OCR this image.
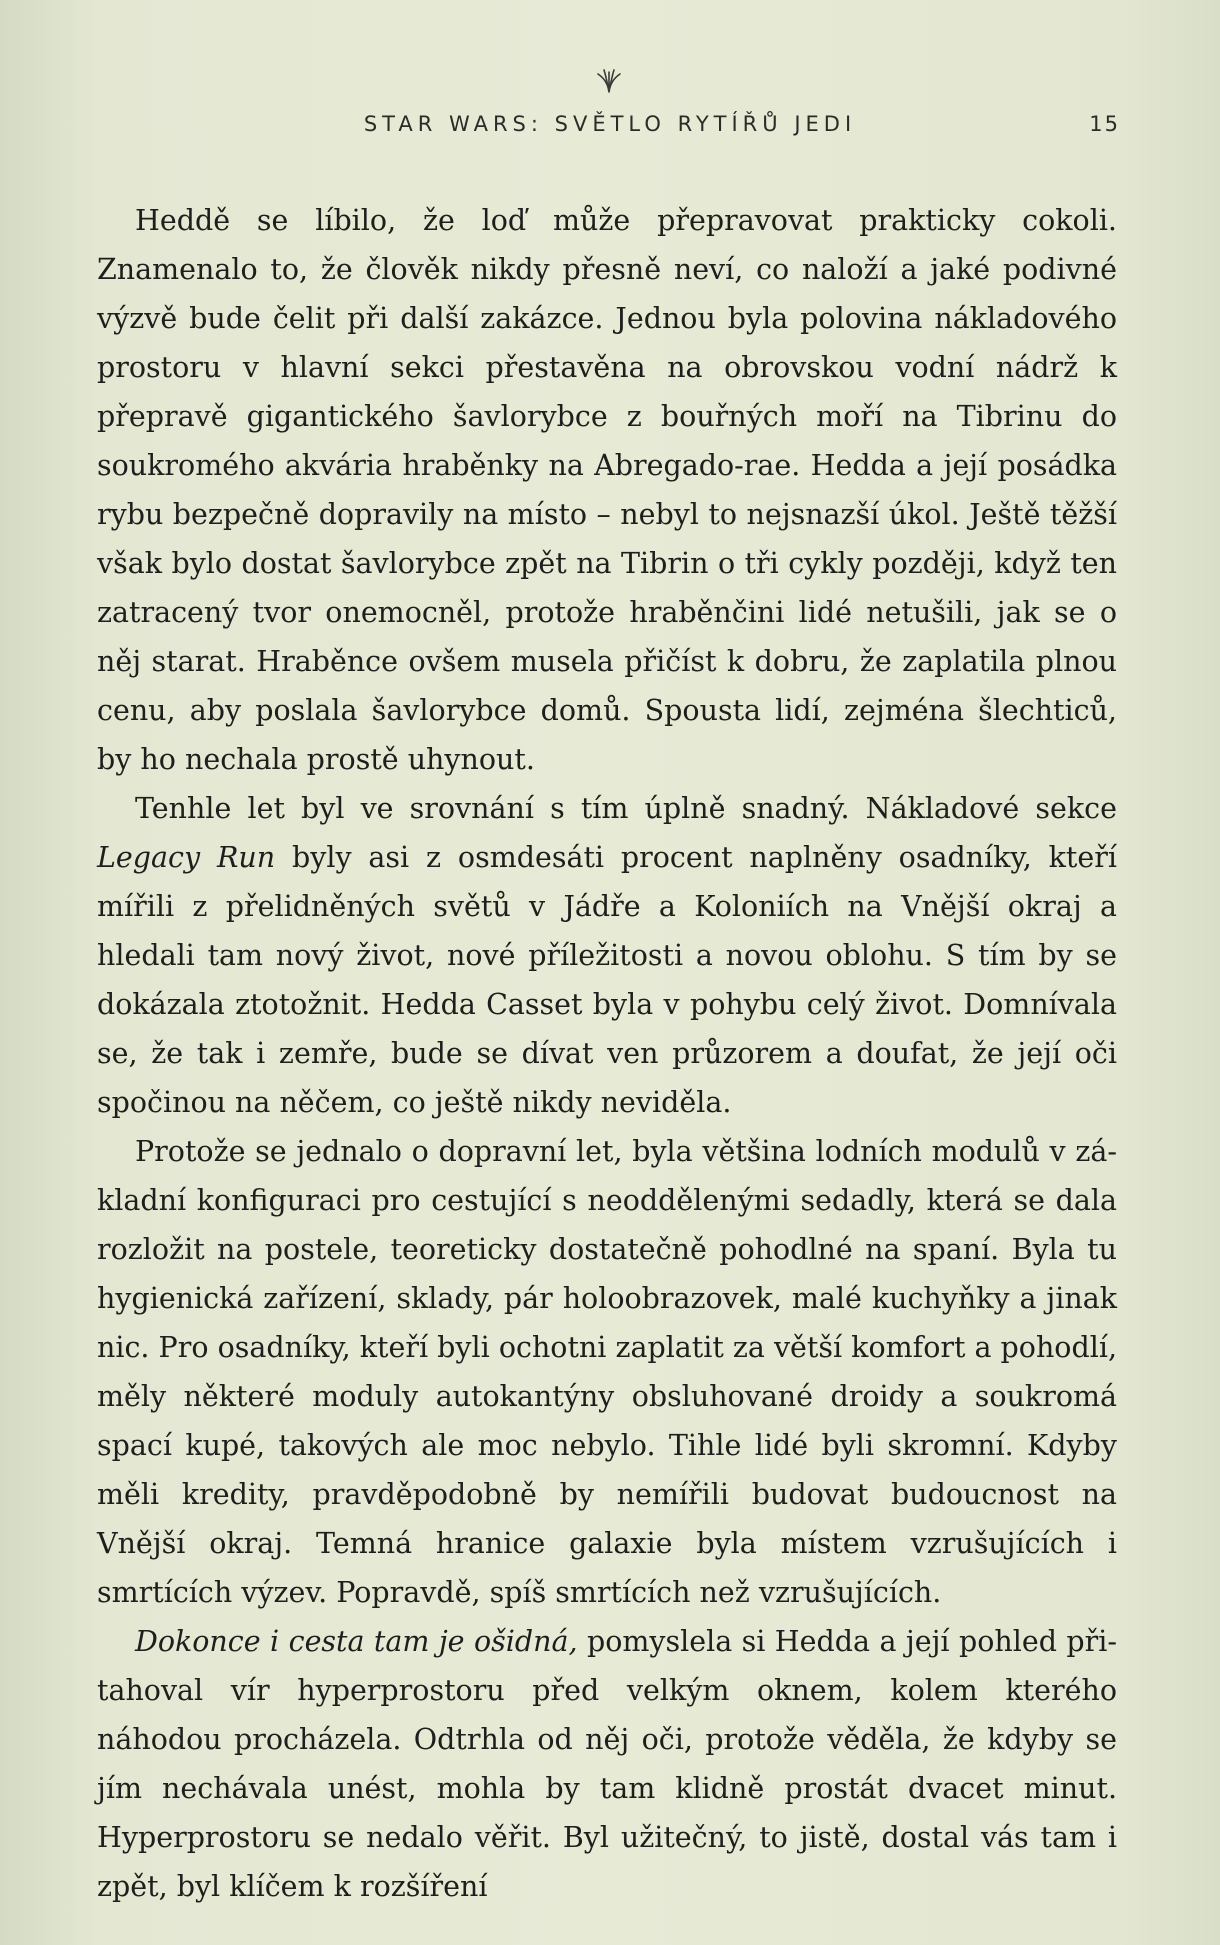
STAR WARS: SVĚTLO RYTÍŘŮ JEDI	15

Heddě se líbilo, že loď může přepravovat prakticky cokoli. Znamenalo to, že člověk nikdy přesně neví, co naloží a jaké podivné výzvě bude čelit při další zakázce. Jednou byla polovina nákladového prostoru v hlavní sekci přestavěna na obrovskou vodní nádrž k přepravě gigantického šavlorybce z bouřných moří na Tibrinu do soukromého akvária hraběnky na Abregado-rae. Hedda a její posádka rybu bezpečně dopravily na místo – nebyl to nejsnazší úkol. Ještě těžší však bylo dostat šavlorybce zpět na Tibrin o tři cykly později, když ten zatracený tvor onemocněl, protože hraběnčini lidé netušili, jak se o něj starat. Hraběnce ovšem musela přičíst k dobru, že zaplatila plnou cenu, aby poslala šavlorybce domů. Spousta lidí, zejména šlechticů, by ho nechala prostě uhynout.

Tenhle let byl ve srovnání s tím úplně snadný. Nákladové sekce Legacy Run byly asi z osmdesáti procent naplněny osadníky, kteří mířili z přelidněných světů v Jádře a Koloniích na Vnější okraj a hledali tam nový život, nové příležitosti a novou oblohu. S tím by se dokázala ztotožnit. Hedda Casset byla v pohybu celý život. Domnívala se, že tak i zemře, bude se dívat ven průzorem a doufat, že její oči spočinou na něčem, co ještě nikdy neviděla.

Protože se jednalo o dopravní let, byla většina lodních modulů v základní konfiguraci pro cestující s neoddělenými sedadly, která se dala rozložit na postele, teoreticky dostatečně pohodlné na spaní. Byla tu hygienická zařízení, sklady, pár holoobrazovek, malé kuchyňky a jinak nic. Pro osadníky, kteří byli ochotni zaplatit za větší komfort a pohodlí, měly některé moduly autokantýny obsluhované droidy a soukromá spací kupé, takových ale moc nebylo. Tihle lidé byli skromní. Kdyby měli kredity, pravděpodobně by nemířili budovat budoucnost na Vnější okraj. Temná hranice galaxie byla místem vzrušujících i smrtících výzev. Popravdě, spíš smrtících než vzrušujících.

Dokonce i cesta tam je ošidná, pomyslela si Hedda a její pohled přitahoval vír hyperprostoru před velkým oknem, kolem kterého náhodou procházela. Odtrhla od něj oči, protože věděla, že kdyby se jím nechávala unést, mohla by tam klidně prostát dvacet minut. Hyperprostoru se nedalo věřit. Byl užitečný, to jistě, dostal vás tam i zpět, byl klíčem k rozšíření
